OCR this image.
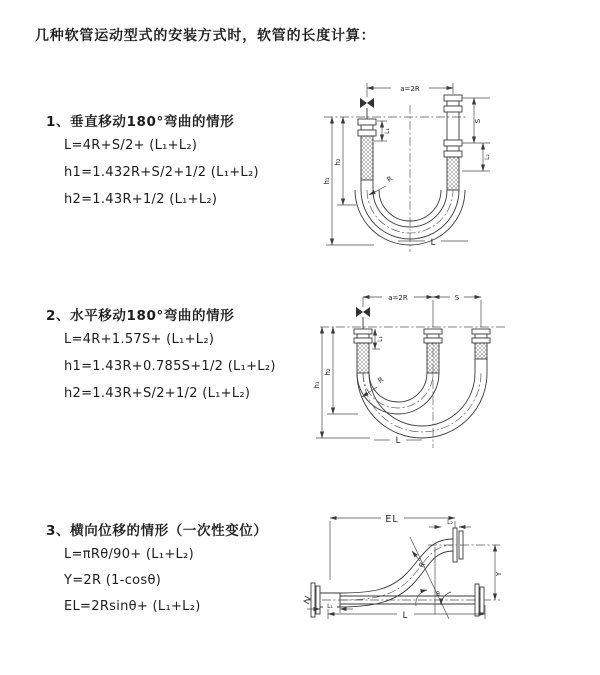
a=2R
h₁
h₂
L₁
S
L₂
R
L
a=2R	S
h₁
h₂
L₁
R
L
EL	L₂
Y
θ
R
L
L₁
几种软管运动型式的安装方式时，软管的长度计算：
1、垂直移动180°弯曲的情形
L=4R+S/2+ (L₁+L₂)
h1=1.432R+S/2+1/2 (L₁+L₂)
h2=1.43R+1/2 (L₁+L₂)
2、水平移动180°弯曲的情形
L=4R+1.57S+ (L₁+L₂)
h1=1.43R+0.785S+1/2 (L₁+L₂)
h2=1.43R+S/2+1/2 (L₁+L₂)
3、横向位移的情形（一次性变位）
L=πRθ/90+ (L₁+L₂)
Y=2R (1-cosθ)
EL=2Rsinθ+ (L₁+L₂)
